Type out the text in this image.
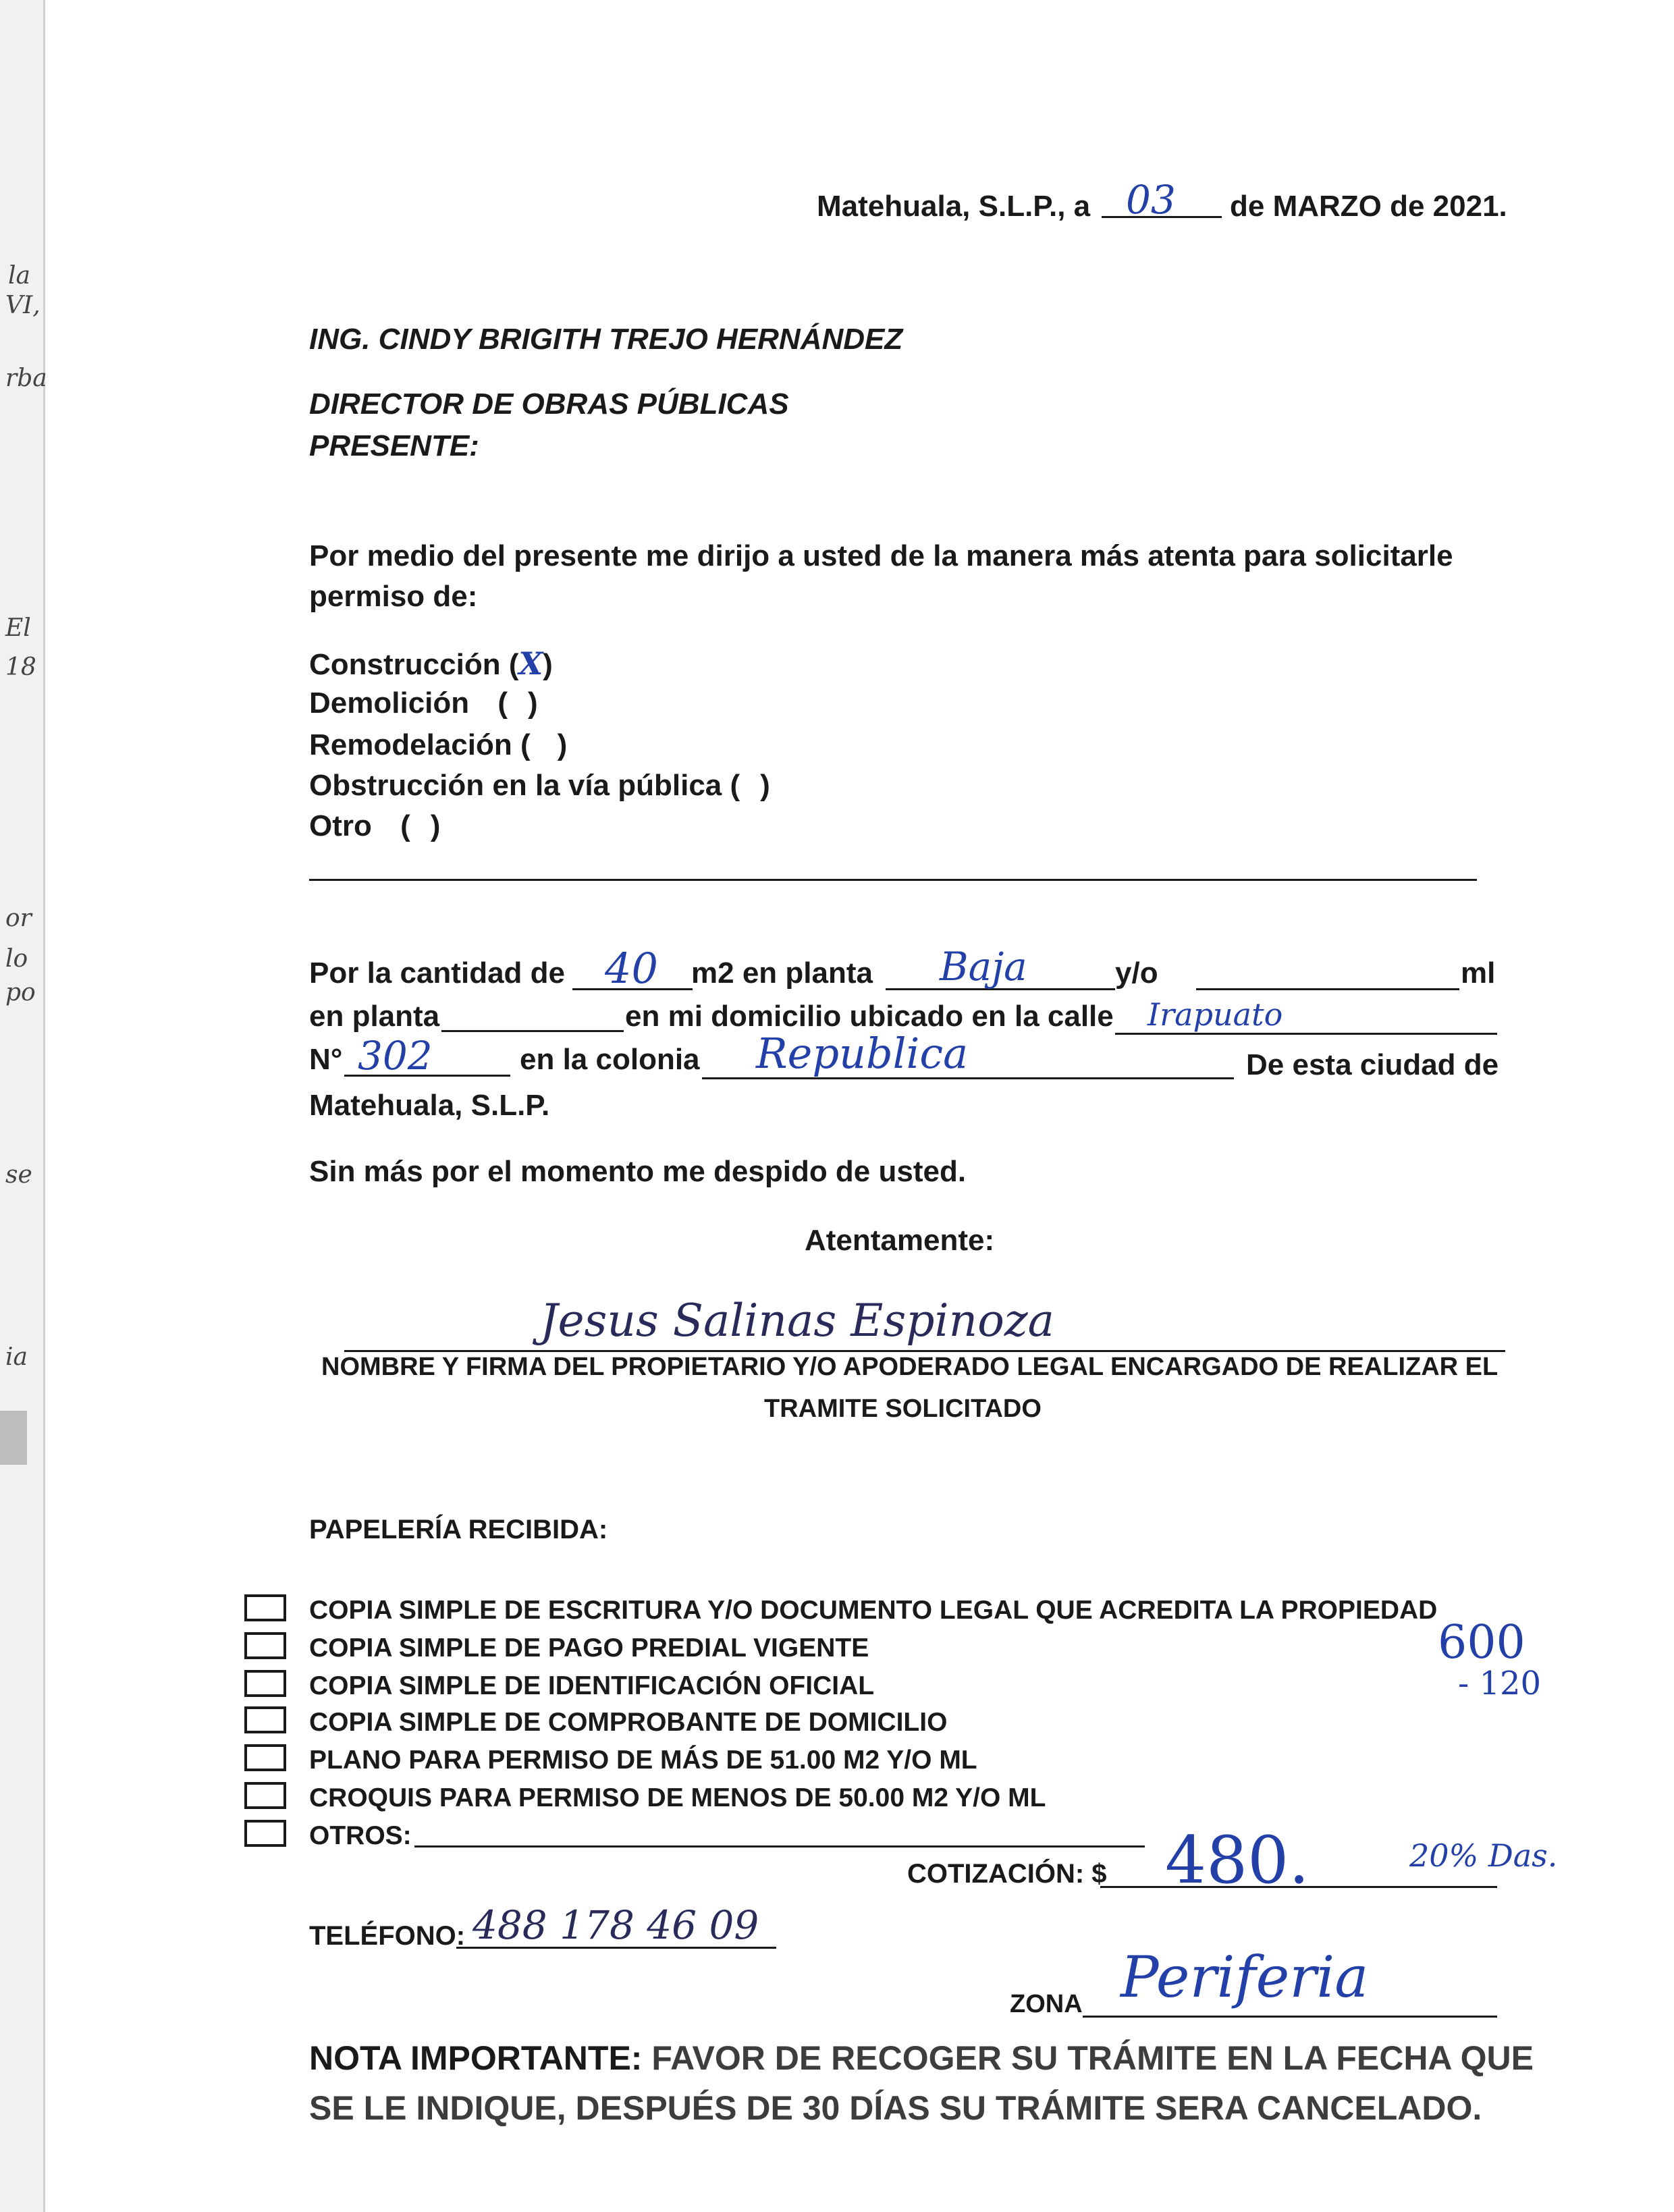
la
VI,
rba
El
18
or
lo
po
se
ia
Matehuala, S.L.P., a 03 de MARZO de 2021.
ING. CINDY BRIGITH TREJO HERNÁNDEZ
DIRECTOR DE OBRAS PÚBLICAS
PRESENTE:
Por medio del presente me dirijo a usted de la manera más atenta para solicitarle
permiso de:
Construcción (X)
Demolición ( )
Remodelación ( )
Obstrucción en la vía pública ( )
Otro ( )
Por la cantidad de 40 m2 en planta Baja	y/o	ml
en planta	en mi domicilio ubicado en la calle Irapuato
N° 302	en la colonia Republica	De esta ciudad de
Matehuala, S.L.P.
Sin más por el momento me despido de usted.
Atentamente:
Jesus Salinas Espinoza
NOMBRE Y FIRMA DEL PROPIETARIO Y/O APODERADO LEGAL ENCARGADO DE REALIZAR EL
TRAMITE SOLICITADO
PAPELERÍA RECIBIDA:
COPIA SIMPLE DE ESCRITURA Y/O DOCUMENTO LEGAL QUE ACREDITA LA PROPIEDAD
COPIA SIMPLE DE PAGO PREDIAL VIGENTE
COPIA SIMPLE DE IDENTIFICACIÓN OFICIAL
COPIA SIMPLE DE COMPROBANTE DE DOMICILIO
PLANO PARA PERMISO DE MÁS DE 51.00 M2 Y/O ML
CROQUIS PARA PERMISO DE MENOS DE 50.00 M2 Y/O ML
OTROS:
600
- 120
COTIZACIÓN: $ 480.	20% Das.
TELÉFONO: 488 178 46 09
ZONA Periferia
NOTA IMPORTANTE: FAVOR DE RECOGER SU TRÁMITE EN LA FECHA QUE
SE LE INDIQUE, DESPUÉS DE 30 DÍAS SU TRÁMITE SERA CANCELADO.
